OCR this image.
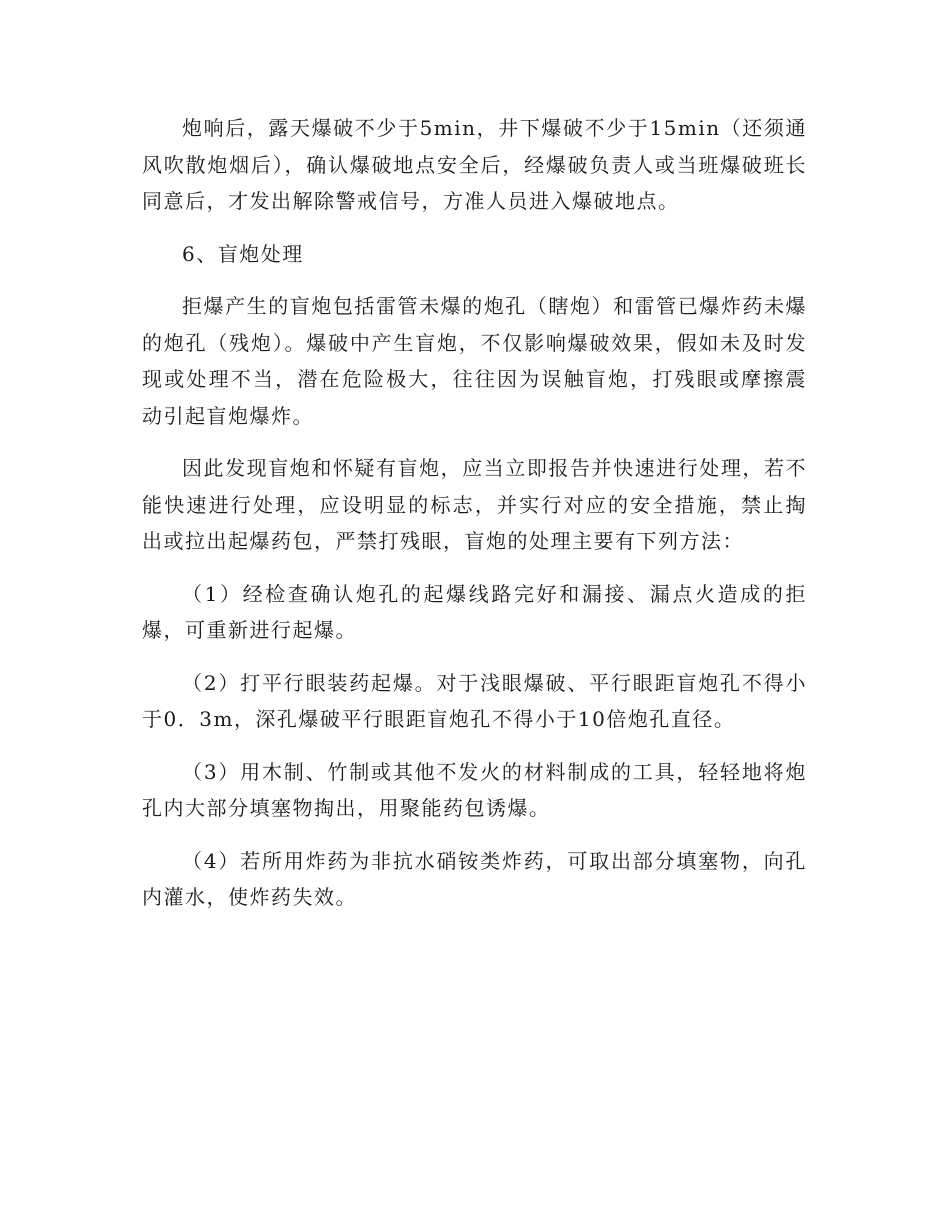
炮响后，露天爆破不少于5min，井下爆破不少于15min（还须通风吹散炮烟后），确认爆破地点安全后，经爆破负责人或当班爆破班长同意后，才发出解除警戒信号，方准人员进入爆破地点。

6、盲炮处理

拒爆产生的盲炮包括雷管未爆的炮孔（瞎炮）和雷管已爆炸药未爆的炮孔（残炮）。爆破中产生盲炮，不仅影响爆破效果，假如未及时发现或处理不当，潜在危险极大，往往因为误触盲炮，打残眼或摩擦震动引起盲炮爆炸。

因此发现盲炮和怀疑有盲炮，应当立即报告并快速进行处理，若不能快速进行处理，应设明显的标志，并实行对应的安全措施，禁止掏出或拉出起爆药包，严禁打残眼，盲炮的处理主要有下列方法：

（1）经检查确认炮孔的起爆线路完好和漏接、漏点火造成的拒爆，可重新进行起爆。

（2）打平行眼装药起爆。对于浅眼爆破、平行眼距盲炮孔不得小于0．3m，深孔爆破平行眼距盲炮孔不得小于10倍炮孔直径。

（3）用木制、竹制或其他不发火的材料制成的工具，轻轻地将炮孔内大部分填塞物掏出，用聚能药包诱爆。

（4）若所用炸药为非抗水硝铵类炸药，可取出部分填塞物，向孔内灌水，使炸药失效。
